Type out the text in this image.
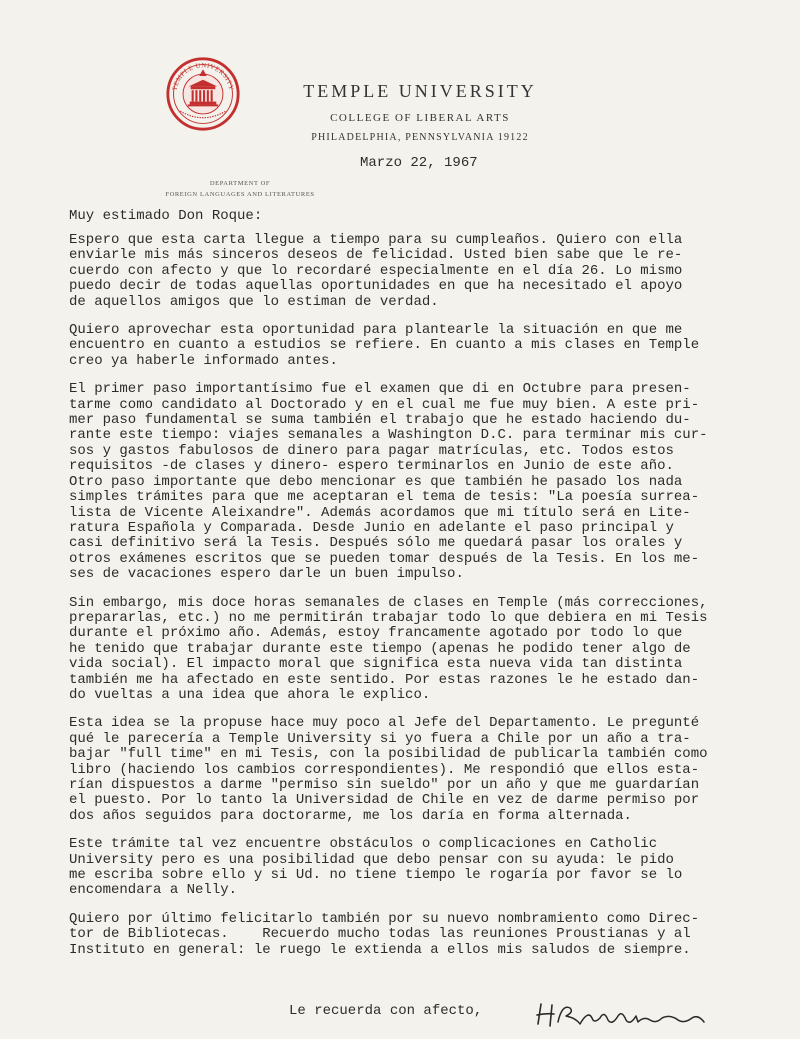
TEMPLE UNIVERSITY	TEMPLE UNIVERSITY
COLLEGE OF LIBERAL ARTS
PHILADELPHIA, PENNSYLVANIA 19122
Marzo 22, 1967
DEPARTMENT OF
FOREIGN LANGUAGES AND LITERATURES
Muy estimado Don Roque:

Espero que esta carta llegue a tiempo para su cumpleaños. Quiero con ella
enviarle mis más sinceros deseos de felicidad. Usted bien sabe que le re-
cuerdo con afecto y que lo recordaré especialmente en el día 26. Lo mismo
puedo decir de todas aquellas oportunidades en que ha necesitado el apoyo
de aquellos amigos que lo estiman de verdad.

Quiero aprovechar esta oportunidad para plantearle la situación en que me
encuentro en cuanto a estudios se refiere. En cuanto a mis clases en Temple
creo ya haberle informado antes.

El primer paso importantísimo fue el examen que di en Octubre para presen-
tarme como candidato al Doctorado y en el cual me fue muy bien. A este pri-
mer paso fundamental se suma también el trabajo que he estado haciendo du-
rante este tiempo: viajes semanales a Washington D.C. para terminar mis cur-
sos y gastos fabulosos de dinero para pagar matrículas, etc. Todos estos
requisitos -de clases y dinero- espero terminarlos en Junio de este año.
Otro paso importante que debo mencionar es que también he pasado los nada
simples trámites para que me aceptaran el tema de tesis: "La poesía surrea-
lista de Vicente Aleixandre". Además acordamos que mi título será en Lite-
ratura Española y Comparada. Desde Junio en adelante el paso principal y
casi definitivo será la Tesis. Después sólo me quedará pasar los orales y
otros exámenes escritos que se pueden tomar después de la Tesis. En los me-
ses de vacaciones espero darle un buen impulso.

Sin embargo, mis doce horas semanales de clases en Temple (más correcciones,
prepararlas, etc.) no me permitirán trabajar todo lo que debiera en mi Tesis
durante el próximo año. Además, estoy francamente agotado por todo lo que
he tenido que trabajar durante este tiempo (apenas he podido tener algo de
vida social). El impacto moral que significa esta nueva vida tan distinta
también me ha afectado en este sentido. Por estas razones le he estado dan-
do vueltas a una idea que ahora le explico.

Esta idea se la propuse hace muy poco al Jefe del Departamento. Le pregunté
qué le parecería a Temple University si yo fuera a Chile por un año a tra-
bajar "full time" en mi Tesis, con la posibilidad de publicarla también como
libro (haciendo los cambios correspondientes). Me respondió que ellos esta-
rían dispuestos a darme "permiso sin sueldo" por un año y que me guardarían
el puesto. Por lo tanto la Universidad de Chile en vez de darme permiso por
dos años seguidos para doctorarme, me los daría en forma alternada.

Este trámite tal vez encuentre obstáculos o complicaciones en Catholic
University pero es una posibilidad que debo pensar con su ayuda: le pido
me escriba sobre ello y si Ud. no tiene tiempo le rogaría por favor se lo
encomendara a Nelly.

Quiero por último felicitarlo también por su nuevo nombramiento como Direc-
tor de Bibliotecas.    Recuerdo mucho todas las reuniones Proustianas y al
Instituto en general: le ruego le extienda a ellos mis saludos de siempre.

Le recuerda con afecto,
